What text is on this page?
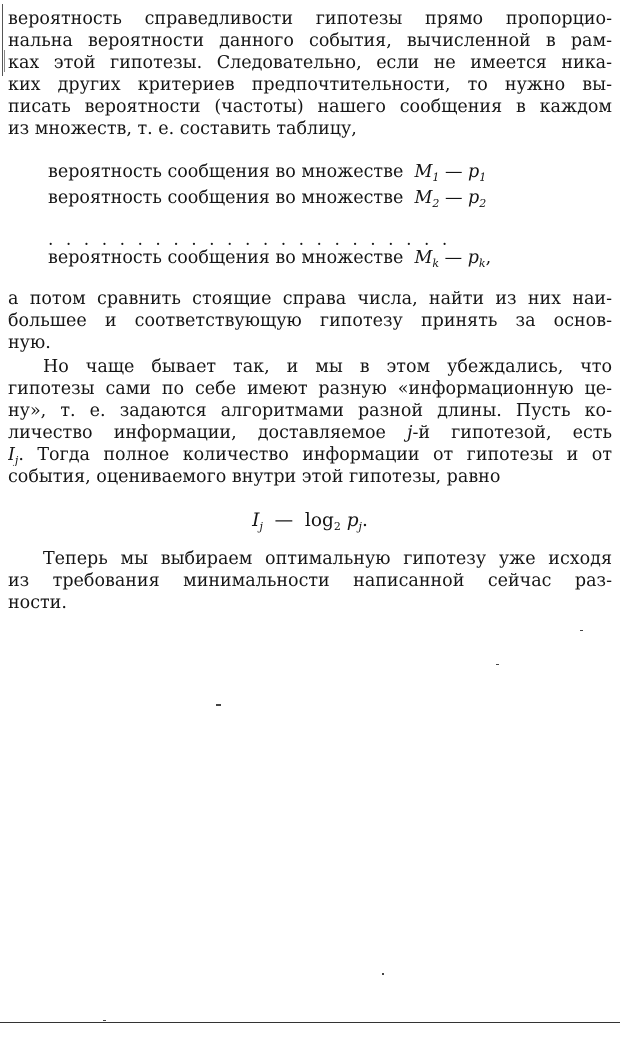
вероятность справедливости гипотезы прямо пропорцио-
нальна вероятности данного события, вычисленной в рам-
ках этой гипотезы. Следовательно, если не имеется ника-
ких других критериев предпочтительности, то нужно вы-
писать вероятности (частоты) нашего сообщения в каждом
из множеств, т. е. составить таблицу,
а потом сравнить стоящие справа числа, найти из них наи-
большее и соответствующую гипотезу принять за основ-
ную.
Но чаще бывает так, и мы в этом убеждались, что
гипотезы сами по себе имеют разную «информационную це-
ну», т. е. задаются алгоритмами разной длины. Пусть ко-
личество информации, доставляемое j-й гипотезой, есть
$I_j$. Тогда полное количество информации от гипотезы и от
события, оцениваемого внутри этой гипотезы, равно
Теперь мы выбираем оптимальную гипотезу уже исходя
из требования минимальности написанной сейчас раз-
ности.
вероятность сообщения во множестве $M_1$ — $p_1$
вероятность сообщения во множестве $M_2$ — $p_2$
.......................
вероятность сообщения во множестве $M_k$ — $p_k$,
$I_j$ — $\log_2 p_j$.
